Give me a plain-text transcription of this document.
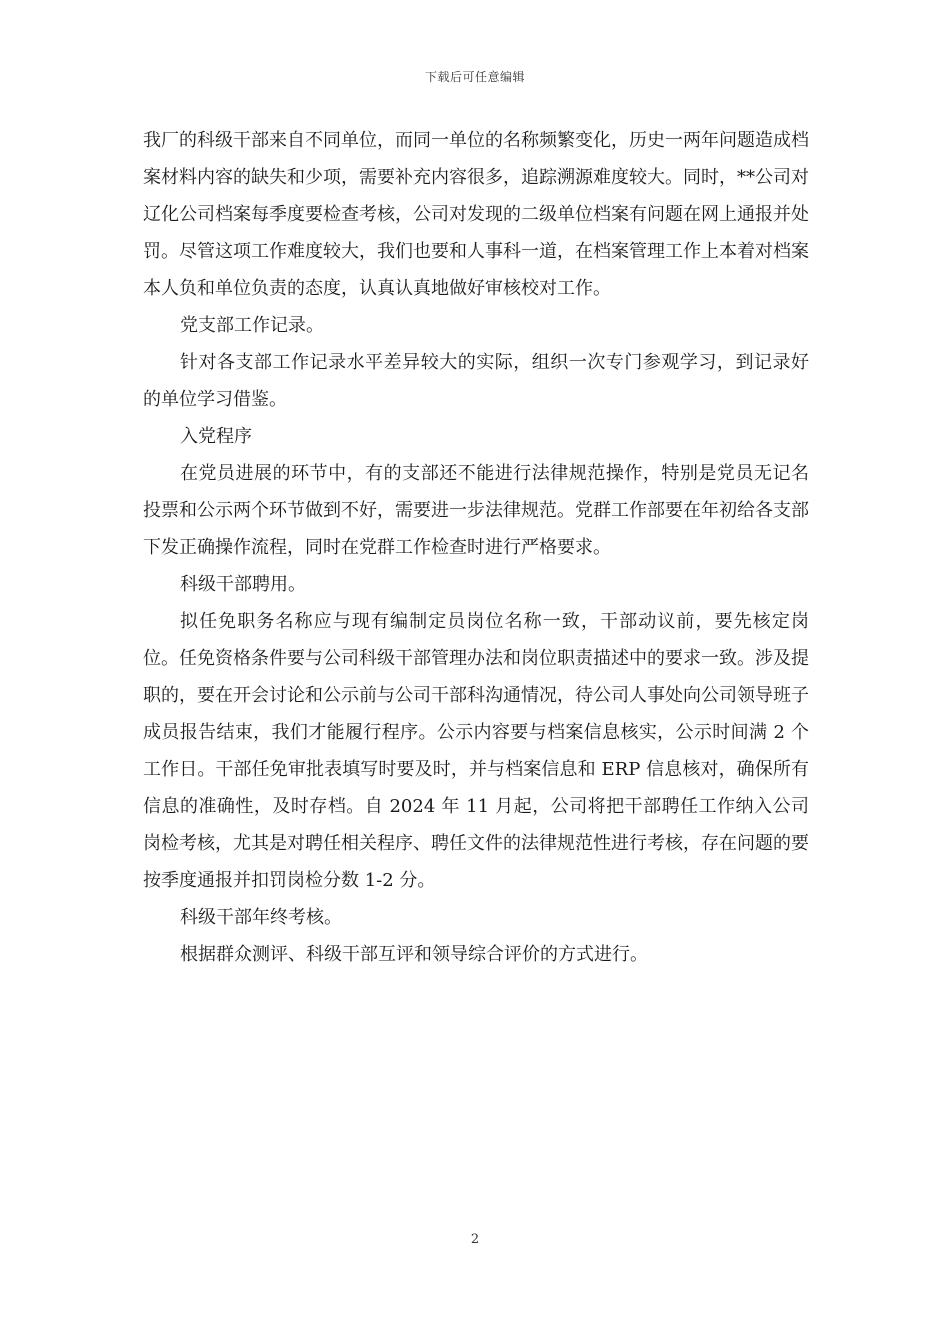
下载后可任意编辑

我厂的科级干部来自不同单位，而同一单位的名称频繁变化，历史一两年问题造成档案材料内容的缺失和少项，需要补充内容很多，追踪溯源难度较大。同时，**公司对辽化公司档案每季度要检查考核，公司对发现的二级单位档案有问题在网上通报并处罚。尽管这项工作难度较大，我们也要和人事科一道，在档案管理工作上本着对档案本人负和单位负责的态度，认真认真地做好审核校对工作。

党支部工作记录。

针对各支部工作记录水平差异较大的实际，组织一次专门参观学习，到记录好的单位学习借鉴。

入党程序

在党员进展的环节中，有的支部还不能进行法律规范操作，特别是党员无记名投票和公示两个环节做到不好，需要进一步法律规范。党群工作部要在年初给各支部下发正确操作流程，同时在党群工作检查时进行严格要求。

科级干部聘用。

拟任免职务名称应与现有编制定员岗位名称一致，干部动议前，要先核定岗位。任免资格条件要与公司科级干部管理办法和岗位职责描述中的要求一致。涉及提职的，要在开会讨论和公示前与公司干部科沟通情况，待公司人事处向公司领导班子成员报告结束，我们才能履行程序。公示内容要与档案信息核实，公示时间满 2 个工作日。干部任免审批表填写时要及时，并与档案信息和 ERP 信息核对，确保所有信息的准确性，及时存档。自 2024 年 11 月起，公司将把干部聘任工作纳入公司岗检考核，尤其是对聘任相关程序、聘任文件的法律规范性进行考核，存在问题的要按季度通报并扣罚岗检分数 1-2 分。

科级干部年终考核。

根据群众测评、科级干部互评和领导综合评价的方式进行。

2
